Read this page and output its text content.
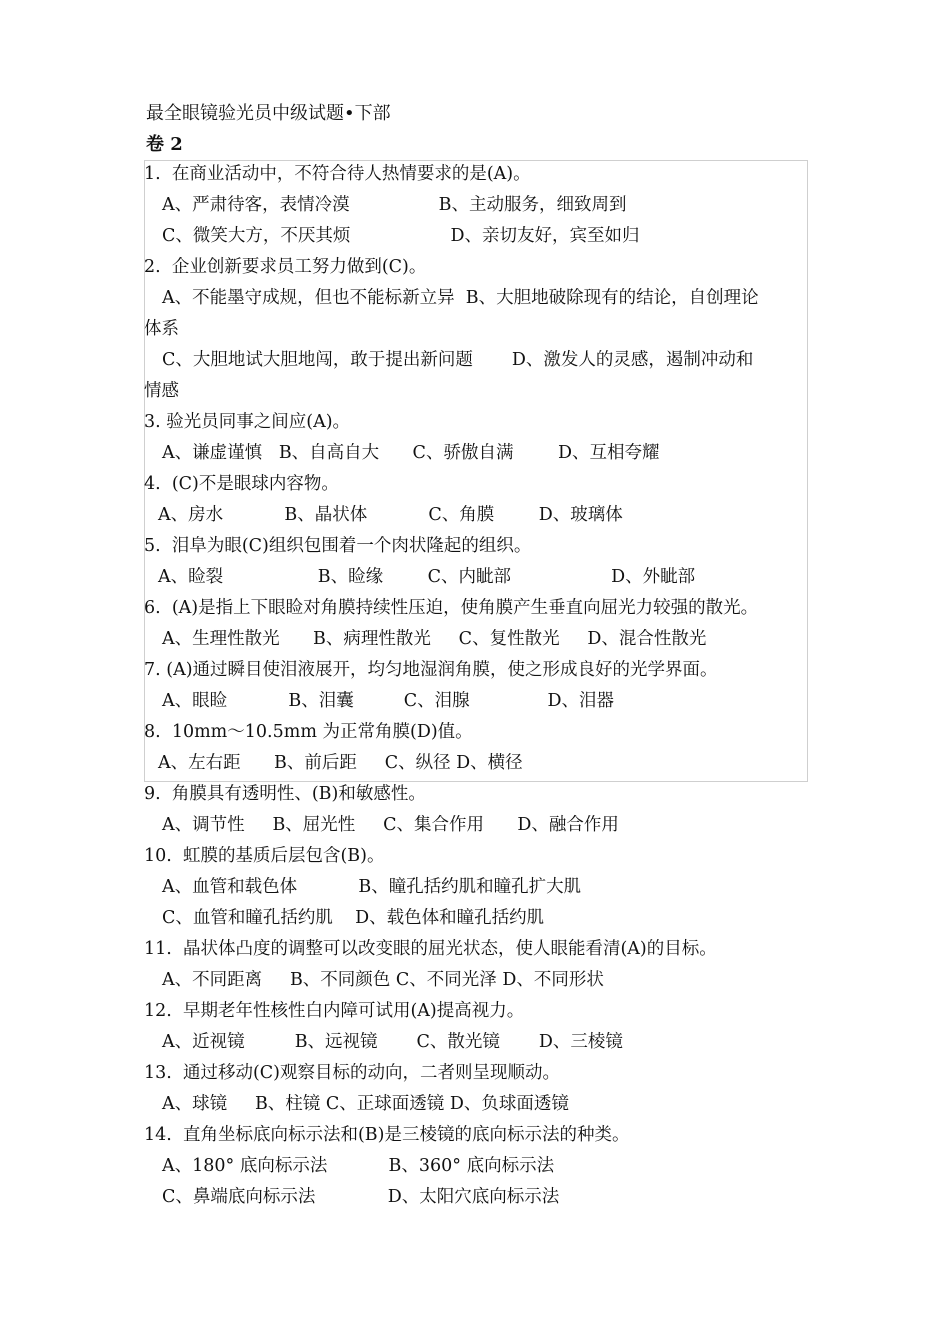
最全眼镜验光员中级试题•下部
卷 2
1.  在商业活动中，不符合待人热情要求的是(A)。
A、严肃待客，表情冷漠                B、主动服务，细致周到
C、微笑大方，不厌其烦                  D、亲切友好，宾至如归
2.  企业创新要求员工努力做到(C)。
A、不能墨守成规，但也不能标新立异  B、大胆地破除现有的结论，自创理论
体系
C、大胆地试大胆地闯，敢于提出新问题       D、激发人的灵感，遏制冲动和
情感
3. 验光员同事之间应(A)。
A、谦虚谨慎   B、自高自大      C、骄傲自满        D、互相夸耀
4.  (C)不是眼球内容物。
A、房水           B、晶状体           C、角膜        D、玻璃体
5.  泪阜为眼(C)组织包围着一个肉状隆起的组织。
A、睑裂                 B、睑缘        C、内眦部                  D、外眦部
6.  (A)是指上下眼睑对角膜持续性压迫，使角膜产生垂直向屈光力较强的散光。
A、生理性散光      B、病理性散光     C、复性散光     D、混合性散光
7. (A)通过瞬目使泪液展开，均匀地湿润角膜，使之形成良好的光学界面。
A、眼睑           B、泪囊         C、泪腺              D、泪器
8.  10mm～10.5mm 为正常角膜(D)值。
A、左右距      B、前后距     C、纵径 D、横径
9.  角膜具有透明性、(B)和敏感性。
A、调节性     B、屈光性     C、集合作用      D、融合作用
10.  虹膜的基质后层包含(B)。
A、血管和载色体           B、瞳孔括约肌和瞳孔扩大肌
C、血管和瞳孔括约肌    D、载色体和瞳孔括约肌
11.  晶状体凸度的调整可以改变眼的屈光状态，使人眼能看清(A)的目标。
A、不同距离     B、不同颜色 C、不同光泽 D、不同形状
12.  早期老年性核性白内障可试用(A)提高视力。
A、近视镜         B、远视镜       C、散光镜       D、三棱镜
13.  通过移动(C)观察目标的动向，二者则呈现顺动。
A、球镜     B、柱镜 C、正球面透镜 D、负球面透镜
14.  直角坐标底向标示法和(B)是三棱镜的底向标示法的种类。
A、180° 底向标示法           B、360° 底向标示法
C、鼻端底向标示法             D、太阳穴底向标示法
